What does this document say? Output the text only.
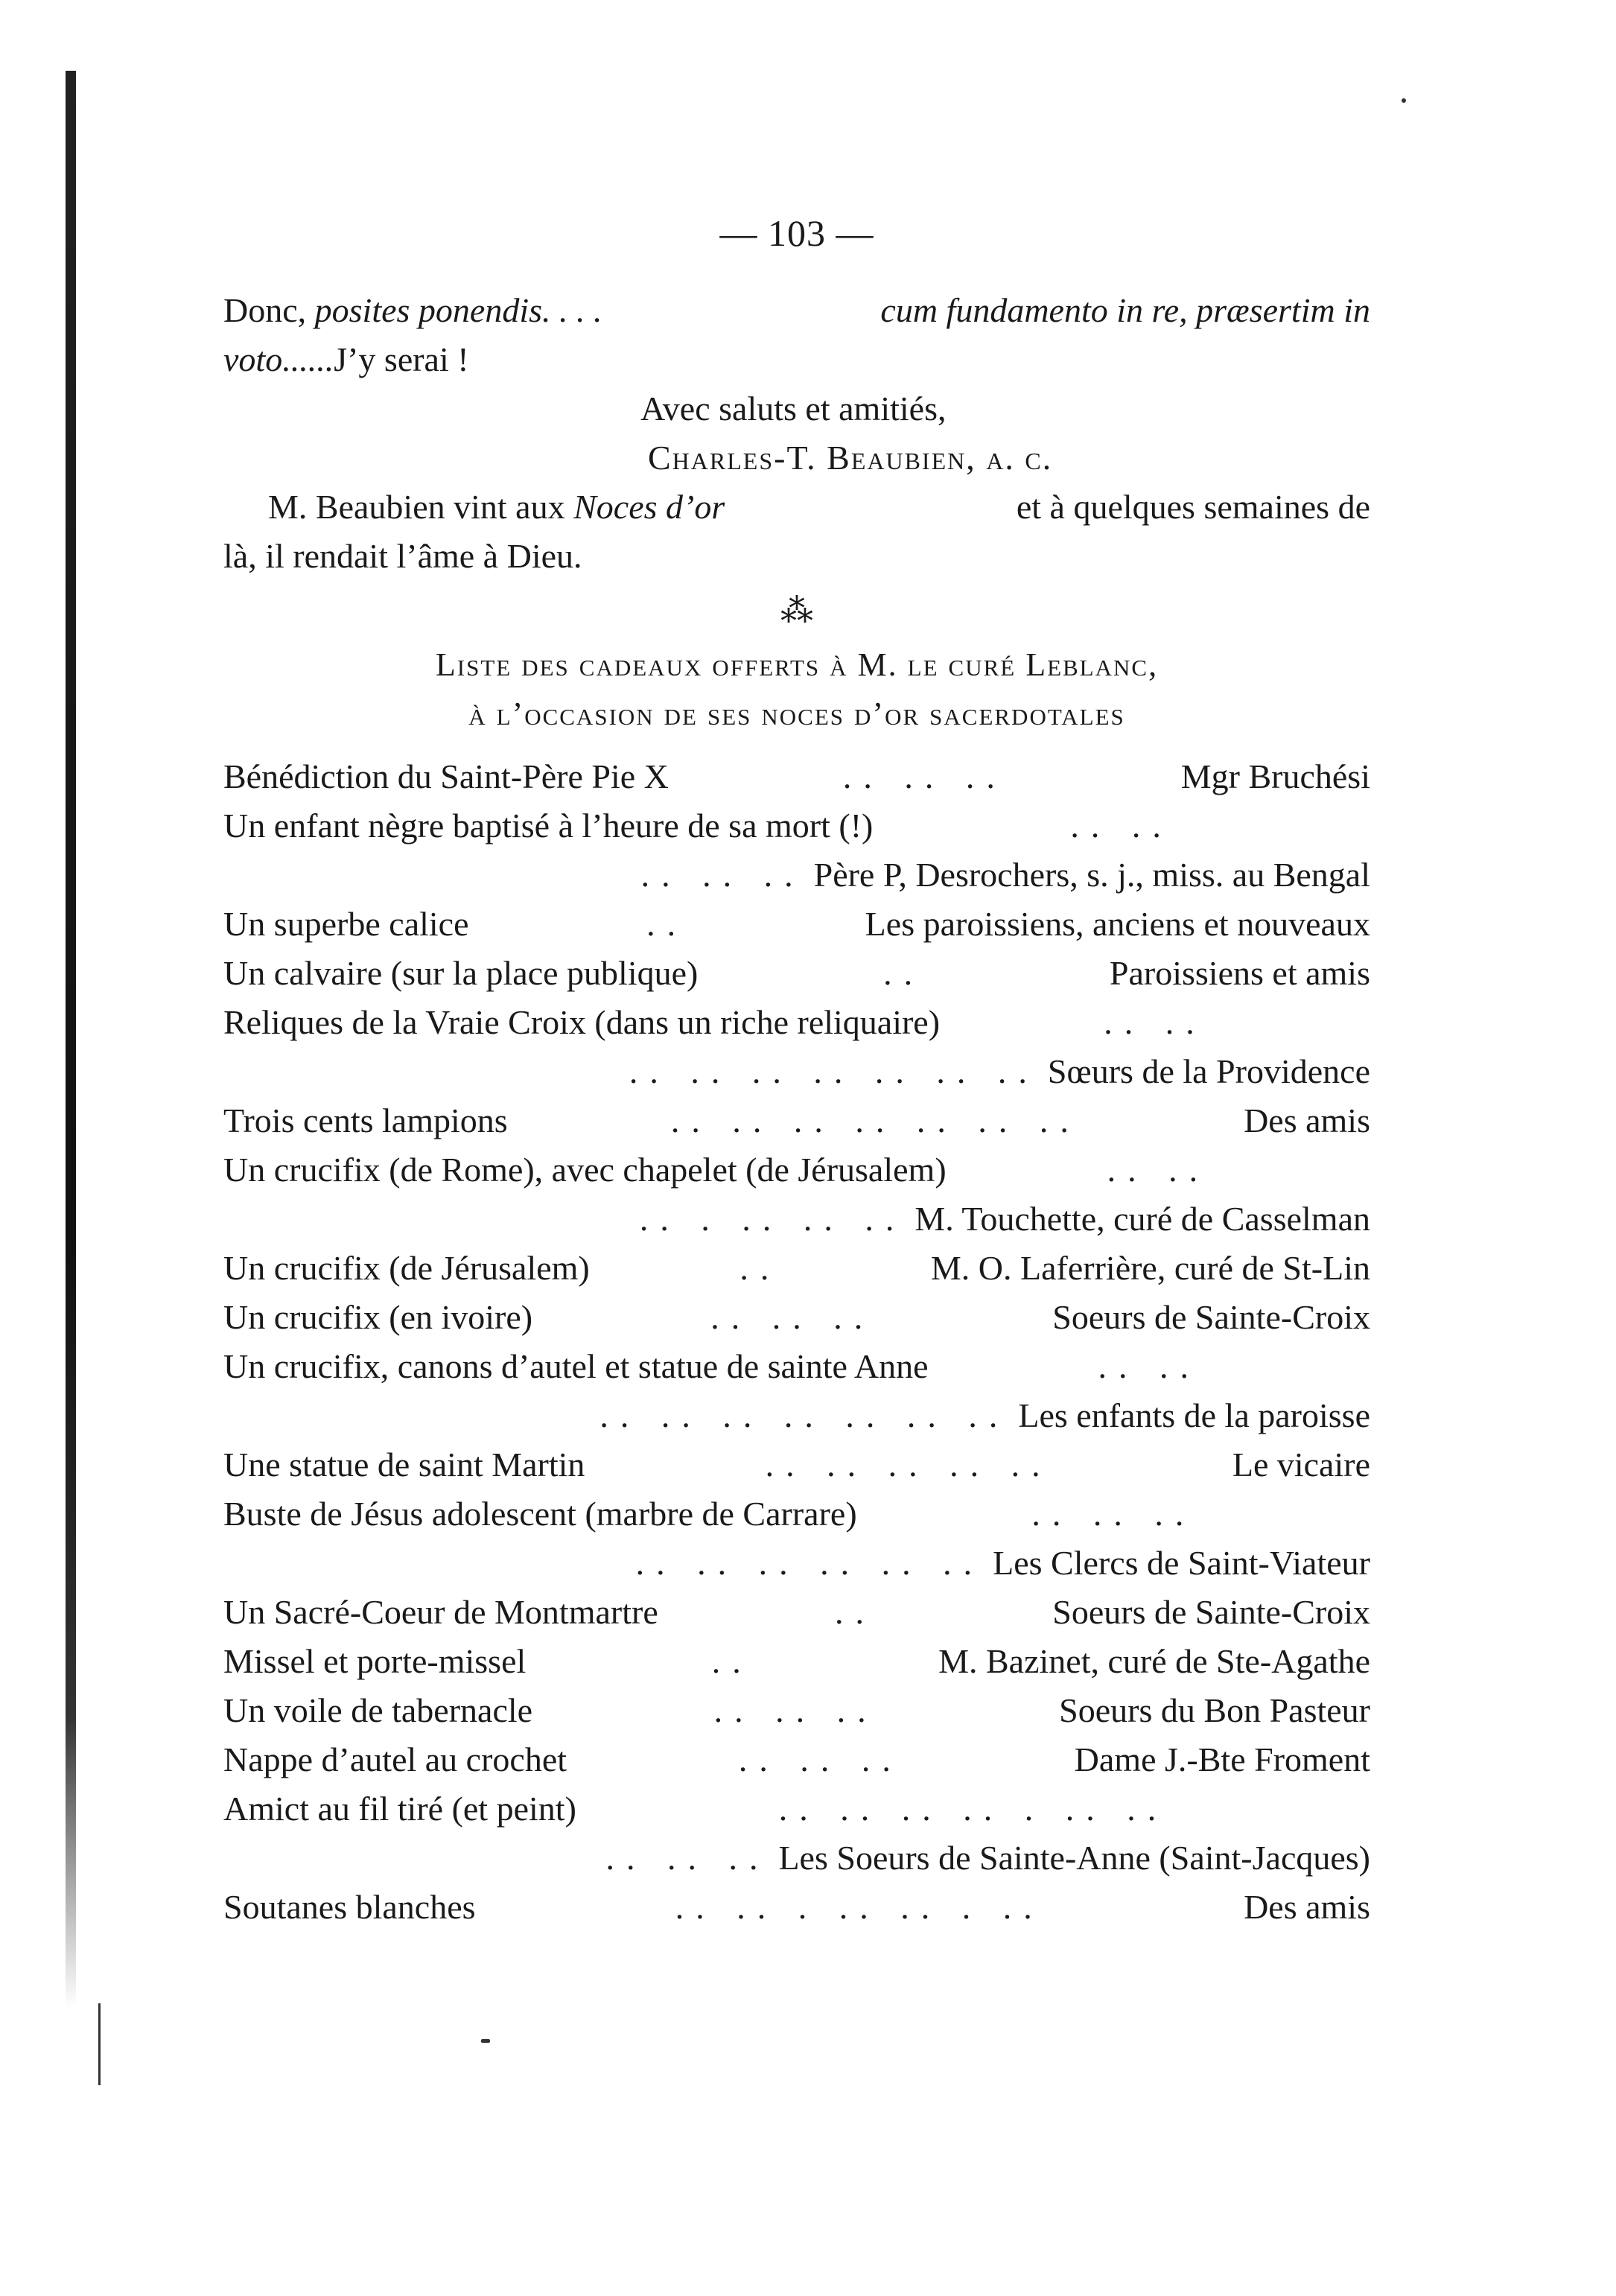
— 103 —
Donc, posites ponendis. . . .	cum fundamento in re, præsertim in
voto......J’y serai !
Avec saluts et amitiés,
Charles-T. Beaubien, a. c.
M. Beaubien vint aux Noces d’or	et à quelques semaines de
là, il rendait l’âme à Dieu.
⁂
Liste des cadeaux offerts à M. le curé Leblanc,
à l’occasion de ses noces d’or sacerdotales
Bénédiction du Saint-Père Pie X	.. .. ..	Mgr Bruchési
Un enfant nègre baptisé à l’heure de sa mort (!)	.. ..
.. .. .. Père P, Desrochers, s. j., miss. au Bengal
Un superbe calice	..	Les paroissiens, anciens et nouveaux
Un calvaire (sur la place publique)	..	Paroissiens et amis
Reliques de la Vraie Croix (dans un riche reliquaire)	.. ..
.. .. .. .. .. .. .. Sœurs de la Providence
Trois cents lampions	.. .. .. .. .. .. ..	Des amis
Un crucifix (de Rome), avec chapelet (de Jérusalem)	.. ..
.. . .. .. .. M. Touchette, curé de Casselman
Un crucifix (de Jérusalem)	..	M. O. Laferrière, curé de St-Lin
Un crucifix (en ivoire)	.. .. ..	Soeurs de Sainte-Croix
Un crucifix, canons d’autel et statue de sainte Anne	.. ..
.. .. .. .. .. .. .. Les enfants de la paroisse
Une statue de saint Martin	.. .. .. .. ..	Le vicaire
Buste de Jésus adolescent (marbre de Carrare)	.. .. ..
.. .. .. .. .. .. Les Clercs de Saint-Viateur
Un Sacré-Coeur de Montmartre	..	Soeurs de Sainte-Croix
Missel et porte-missel	..	M. Bazinet, curé de Ste-Agathe
Un voile de tabernacle	.. .. ..	Soeurs du Bon Pasteur
Nappe d’autel au crochet	.. .. ..	Dame J.-Bte Froment
Amict au fil tiré (et peint)	.. .. .. .. . .. ..
.. .. .. Les Soeurs de Sainte-Anne (Saint-Jacques)
Soutanes blanches	.. .. . .. .. . ..	Des amis
